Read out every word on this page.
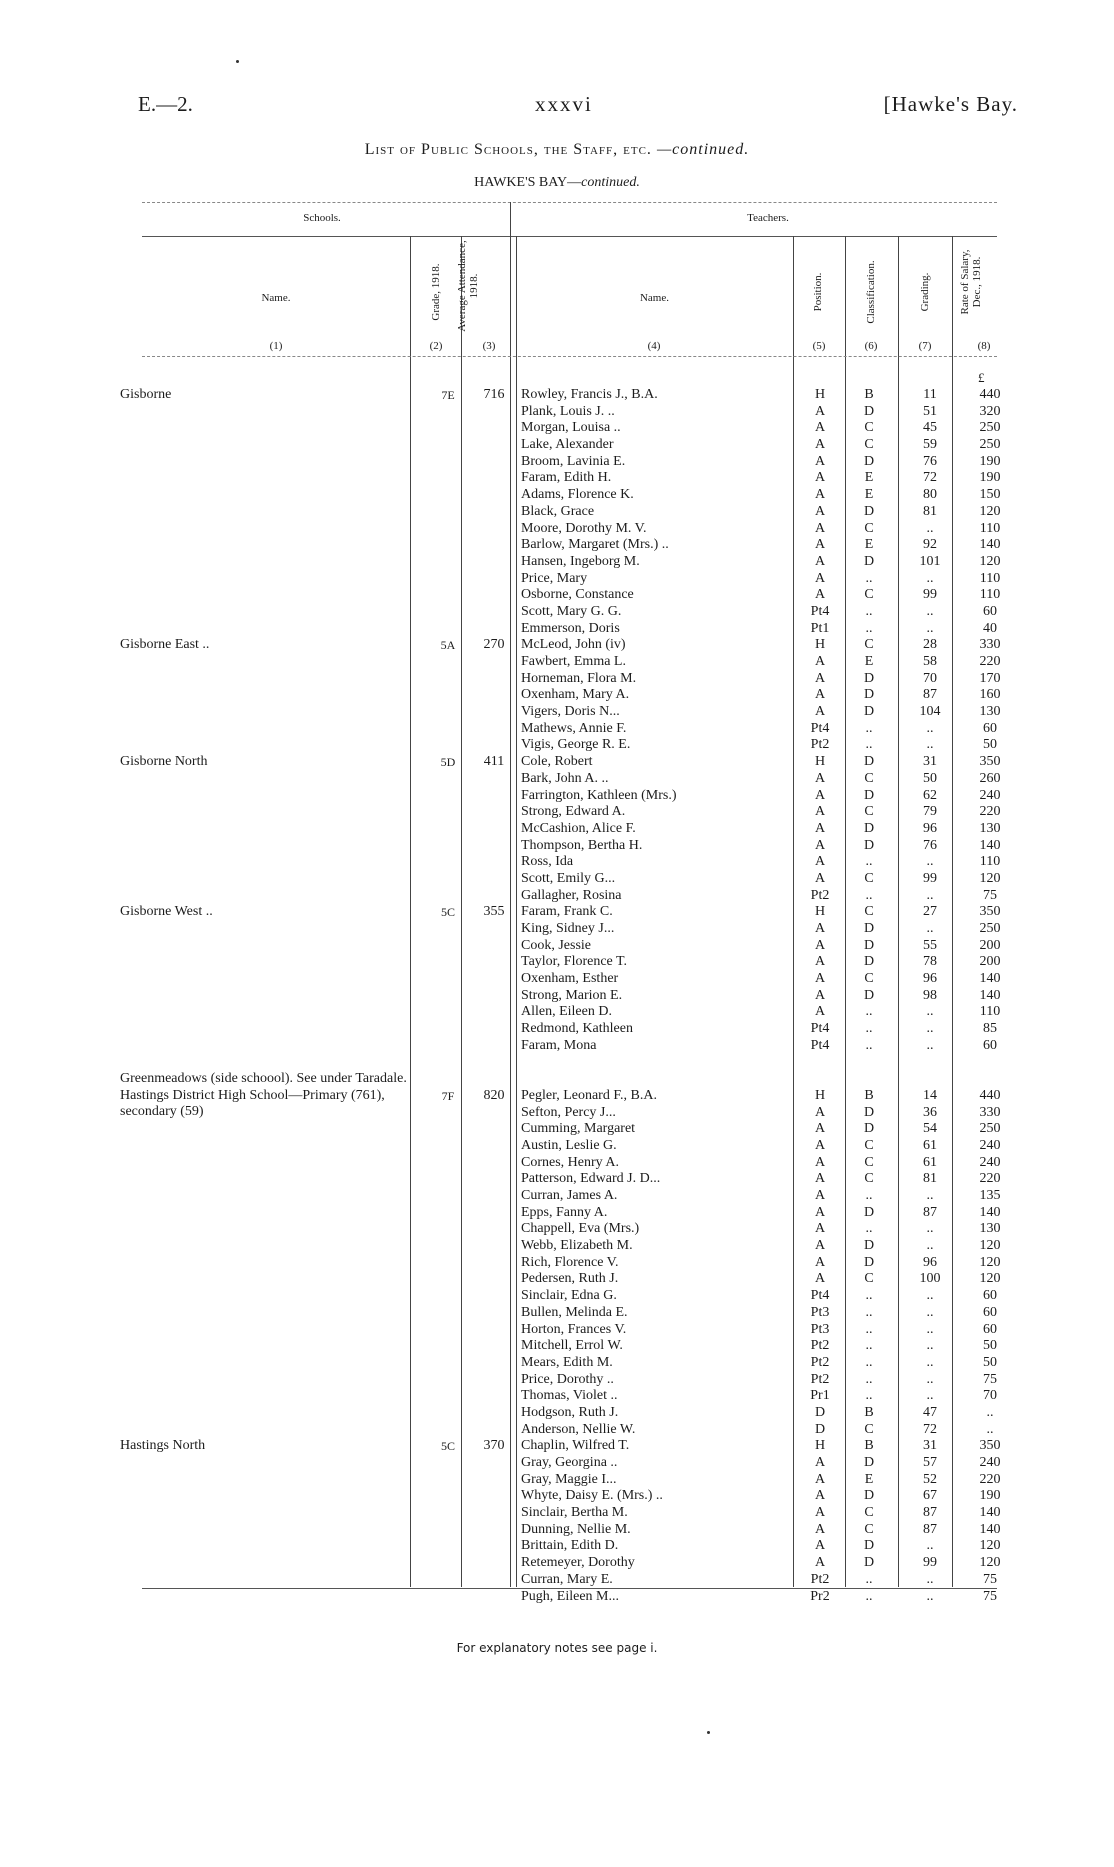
E.—2.	xxxvi	[Hawke's Bay.
List of Public Schools, the Staff, etc. —continued.
HAWKE'S BAY—continued.
Schools.	Teachers.
Name.	Grade, 1918. Average Attendance, 1918.	Name.	Position.	Classification.	Grading.	Rate of Salary, Dec., 1918.
(1)	(2)	(3)	(4)	(5)	(6)	(7)	(8)
£
Gisborne	7E	716	Rowley, Francis J., B.A.	H	B	11	440
Plank, Louis J. ..	A	D	51	320
Morgan, Louisa ..	A	C	45	250
Lake, Alexander	A	C	59	250
Broom, Lavinia E.	A	D	76	190
Faram, Edith H.	A	E	72	190
Adams, Florence K.	A	E	80	150
Black, Grace	A	D	81	120
Moore, Dorothy M. V.	A	C	..	110
Barlow, Margaret (Mrs.) ..	A	E	92	140
Hansen, Ingeborg M.	A	D	101	120
Price, Mary	A	..	..	110
Osborne, Constance	A	C	99	110
Scott, Mary G. G.	Pt4	..	..	60
Emmerson, Doris	Pt1	..	..	40
Gisborne East ..	5A	270	McLeod, John (iv)	H	C	28	330
Fawbert, Emma L.	A	E	58	220
Horneman, Flora M.	A	D	70	170
Oxenham, Mary A.	A	D	87	160
Vigers, Doris N...	A	D	104	130
Mathews, Annie F.	Pt4	..	..	60
Vigis, George R. E.	Pt2	..	..	50
Gisborne North	5D	411	Cole, Robert	H	D	31	350
Bark, John A. ..	A	C	50	260
Farrington, Kathleen (Mrs.)	A	D	62	240
Strong, Edward A.	A	C	79	220
McCashion, Alice F.	A	D	96	130
Thompson, Bertha H.	A	D	76	140
Ross, Ida	A	..	..	110
Scott, Emily G...	A	C	99	120
Gallagher, Rosina	Pt2	..	..	75
Gisborne West ..	5C	355	Faram, Frank C.	H	C	27	350
King, Sidney J...	A	D	..	250
Cook, Jessie	A	D	55	200
Taylor, Florence T.	A	D	78	200
Oxenham, Esther	A	C	96	140
Strong, Marion E.	A	D	98	140
Allen, Eileen D.	A	..	..	110
Redmond, Kathleen	Pt4	..	..	85
Faram, Mona	Pt4	..	..	60
Greenmeadows (side schoool). See under Taradale.
Hastings District High School—Primary (761), secondary (59)
7F	820	Pegler, Leonard F., B.A.	H	B	14	440
Sefton, Percy J...	A	D	36	330
Cumming, Margaret	A	D	54	250
Austin, Leslie G.	A	C	61	240
Cornes, Henry A.	A	C	61	240
Patterson, Edward J. D...	A	C	81	220
Curran, James A.	A	..	..	135
Epps, Fanny A.	A	D	87	140
Chappell, Eva (Mrs.)	A	..	..	130
Webb, Elizabeth M.	A	D	..	120
Rich, Florence V.	A	D	96	120
Pedersen, Ruth J.	A	C	100	120
Sinclair, Edna G.	Pt4	..	..	60
Bullen, Melinda E.	Pt3	..	..	60
Horton, Frances V.	Pt3	..	..	60
Mitchell, Errol W.	Pt2	..	..	50
Mears, Edith M.	Pt2	..	..	50
Price, Dorothy ..	Pt2	..	..	75
Thomas, Violet ..	Pr1	..	..	70
Hodgson, Ruth J.	D	B	47	..
Anderson, Nellie W.	D	C	72	..
Hastings North	5C	370	Chaplin, Wilfred T.	H	B	31	350
Gray, Georgina ..	A	D	57	240
Gray, Maggie I...	A	E	52	220
Whyte, Daisy E. (Mrs.) ..	A	D	67	190
Sinclair, Bertha M.	A	C	87	140
Dunning, Nellie M.	A	C	87	140
Brittain, Edith D.	A	D	..	120
Retemeyer, Dorothy	A	D	99	120
Curran, Mary E.	Pt2	..	..	75
Pugh, Eileen M...	Pr2	..	..	75
For explanatory notes see page i.
